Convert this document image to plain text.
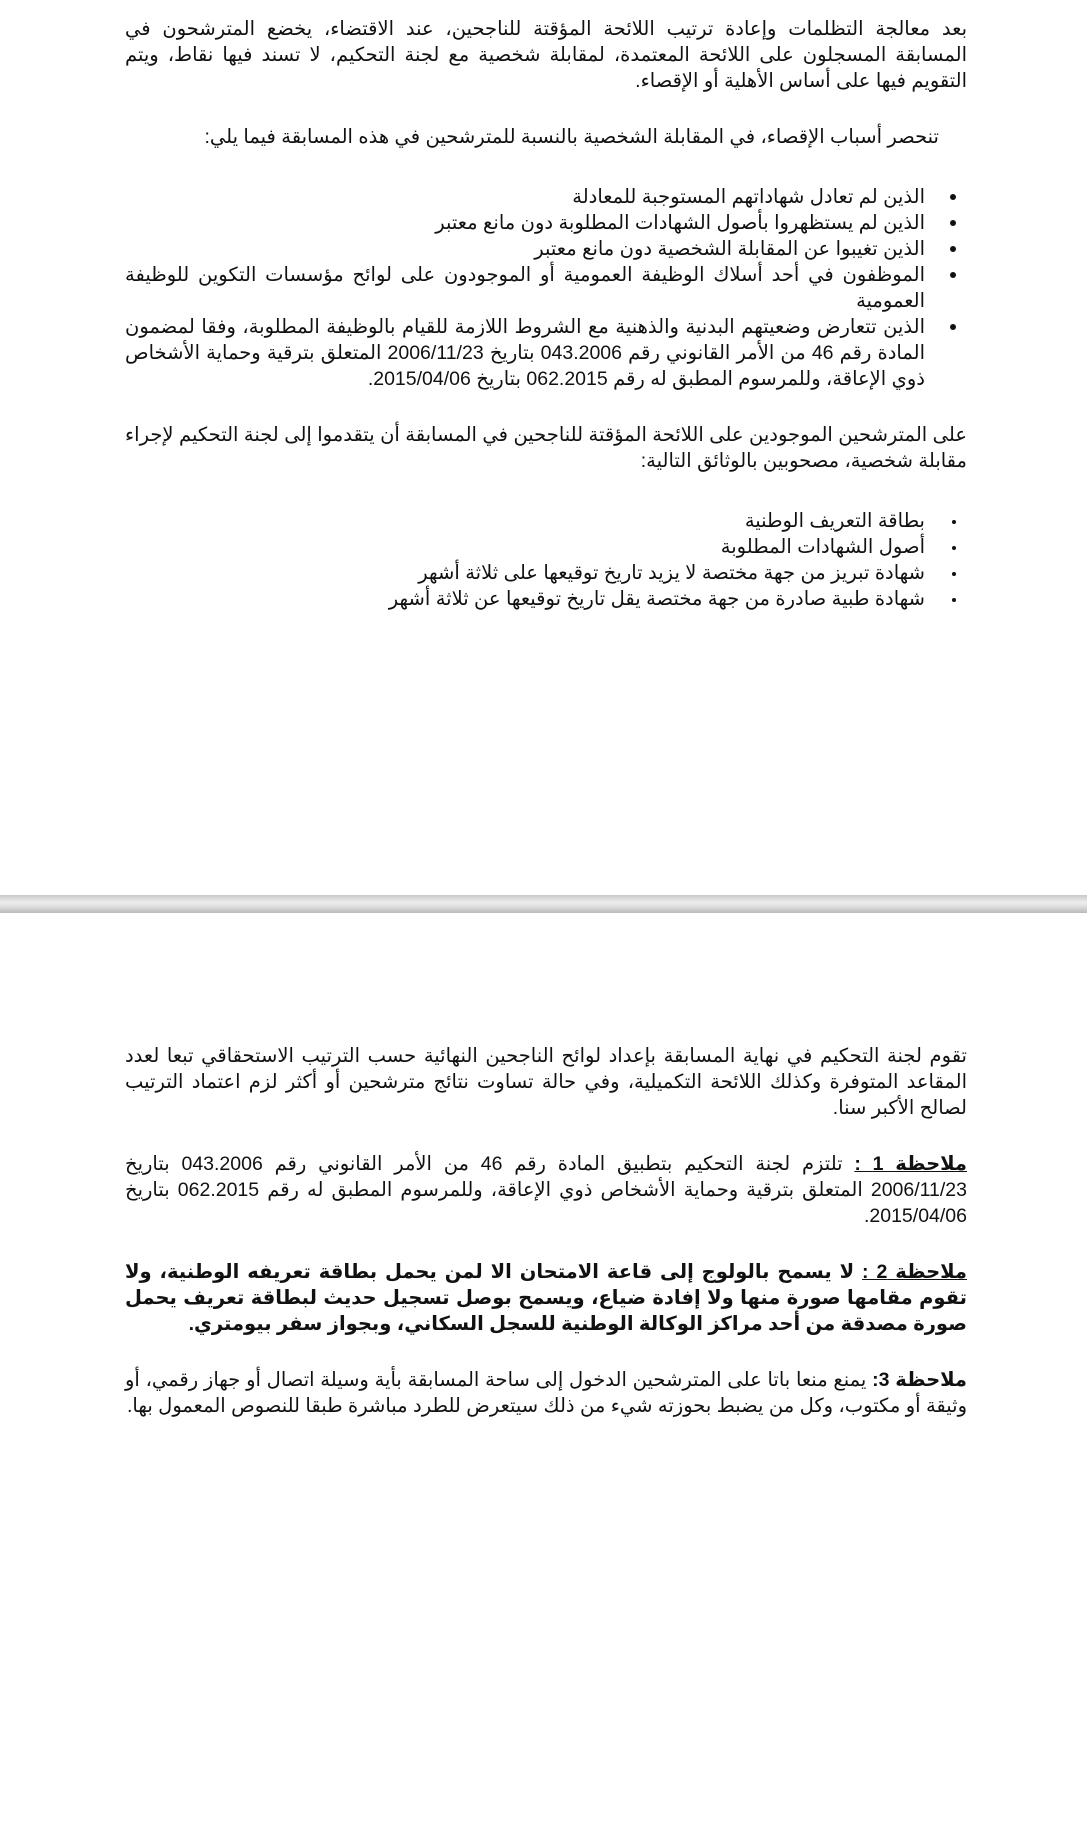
بعد معالجة التظلمات وإعادة ترتيب اللائحة المؤقتة للناجحين، عند الاقتضاء، يخضع المترشحون في المسابقة المسجلون على اللائحة المعتمدة، لمقابلة شخصية مع لجنة التحكيم، لا تسند فيها نقاط، ويتم التقويم فيها على أساس الأهلية أو الإقصاء.

تنحصر أسباب الإقصاء، في المقابلة الشخصية بالنسبة للمترشحين في هذه المسابقة فيما يلي:

الذين لم تعادل شهاداتهم المستوجبة للمعادلة
الذين لم يستظهروا بأصول الشهادات المطلوبة دون مانع معتبر
الذين تغيبوا عن المقابلة الشخصية دون مانع معتبر
الموظفون في أحد أسلاك الوظيفة العمومية أو الموجودون على لوائح مؤسسات التكوين للوظيفة العمومية
الذين تتعارض وضعيتهم البدنية والذهنية مع الشروط اللازمة للقيام بالوظيفة المطلوبة، وفقا لمضمون المادة رقم 46 من الأمر القانوني رقم 043.2006 بتاريخ 2006/11/23 المتعلق بترقية وحماية الأشخاص ذوي الإعاقة، وللمرسوم المطبق له رقم 062.2015 بتاريخ 2015/04/06.

على المترشحين الموجودين على اللائحة المؤقتة للناجحين في المسابقة أن يتقدموا إلى لجنة التحكيم لإجراء مقابلة شخصية، مصحوبين بالوثائق التالية:

بطاقة التعريف الوطنية
أصول الشهادات المطلوبة
شهادة تبريز من جهة مختصة لا يزيد تاريخ توقيعها على ثلاثة أشهر
شهادة طبية صادرة من جهة مختصة يقل تاريخ توقيعها عن ثلاثة أشهر

تقوم لجنة التحكيم في نهاية المسابقة بإعداد لوائح الناجحين النهائية حسب الترتيب الاستحقاقي تبعا لعدد المقاعد المتوفرة وكذلك اللائحة التكميلية، وفي حالة تساوت نتائج مترشحين أو أكثر لزم اعتماد الترتيب لصالح الأكبر سنا.

ملاحظة 1 : تلتزم لجنة التحكيم بتطبيق المادة رقم 46 من الأمر القانوني رقم 043.2006 بتاريخ 2006/11/23 المتعلق بترقية وحماية الأشخاص ذوي الإعاقة، وللمرسوم المطبق له رقم 062.2015 بتاريخ 2015/04/06.

ملاحظة 2 : لا يسمح بالولوج إلى قاعة الامتحان الا لمن يحمل بطاقة تعريفه الوطنية، ولا تقوم مقامها صورة منها ولا إفادة ضياع، ويسمح بوصل تسجيل حديث لبطاقة تعريف يحمل صورة مصدقة من أحد مراكز الوكالة الوطنية للسجل السكاني، وبجواز سفر بيومتري.

ملاحظة 3: يمنع منعا باتا على المترشحين الدخول إلى ساحة المسابقة بأية وسيلة اتصال أو جهاز رقمي، أو وثيقة أو مكتوب، وكل من يضبط بحوزته شيء من ذلك سيتعرض للطرد مباشرة طبقا للنصوص المعمول بها.
